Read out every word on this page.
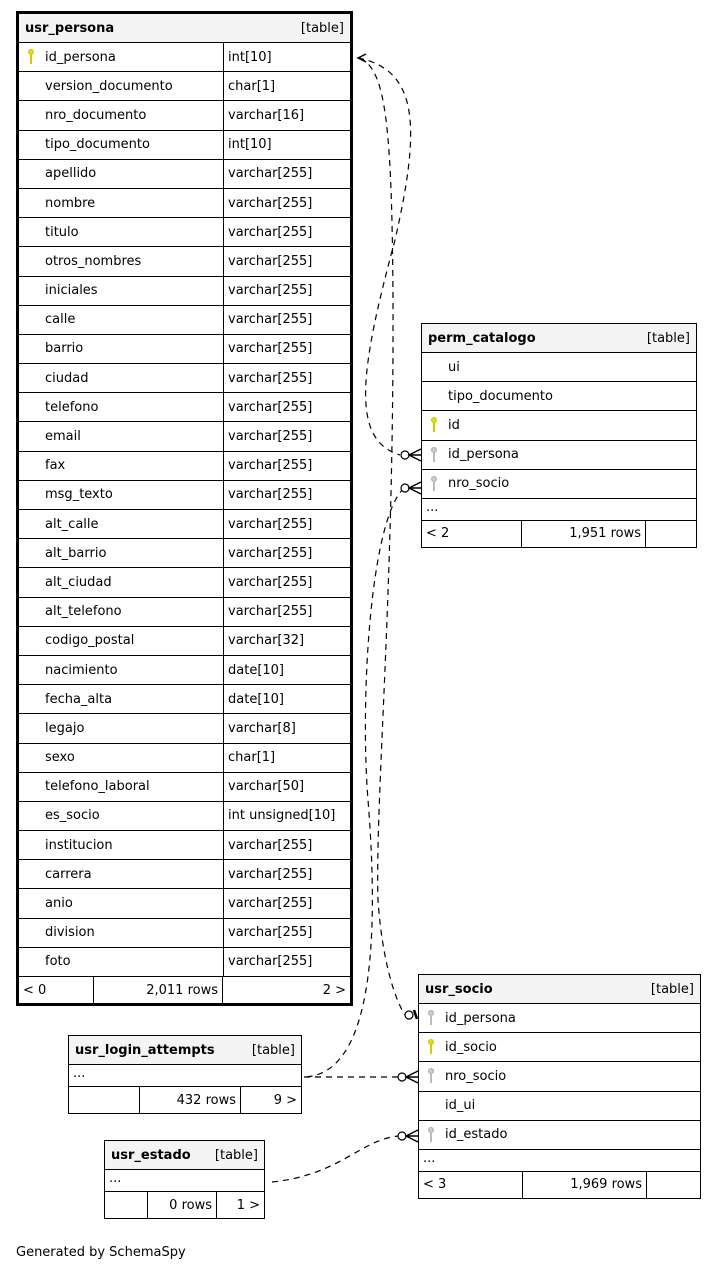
usr_persona	[table]
id_persona	int[10]
version_documento	char[1]
nro_documento	varchar[16]
tipo_documento	int[10]
apellido	varchar[255]
nombre	varchar[255]
titulo	varchar[255]
otros_nombres	varchar[255]
iniciales	varchar[255]
calle	varchar[255]
barrio	varchar[255]
ciudad	varchar[255]
telefono	varchar[255]
email	varchar[255]
fax	varchar[255]
msg_texto	varchar[255]
alt_calle	varchar[255]
alt_barrio	varchar[255]
alt_ciudad	varchar[255]
alt_telefono	varchar[255]
codigo_postal	varchar[32]
nacimiento	date[10]
fecha_alta	date[10]
legajo	varchar[8]
sexo	char[1]
telefono_laboral	varchar[50]
es_socio	int unsigned[10]
institucion	varchar[255]
carrera	varchar[255]
anio	varchar[255]
division	varchar[255]
foto	varchar[255]
< 0	2,011 rows	2 >
perm_catalogo	[table]
ui
tipo_documento
id
id_persona
nro_socio
...
< 2	1,951 rows
usr_socio	[table]
id_persona
id_socio
nro_socio
id_ui
id_estado
...
< 3	1,969 rows
usr_login_attempts	[table]
...
432 rows	9 >
usr_estado [table]
...
0 rows	1 >
Generated by SchemaSpy
